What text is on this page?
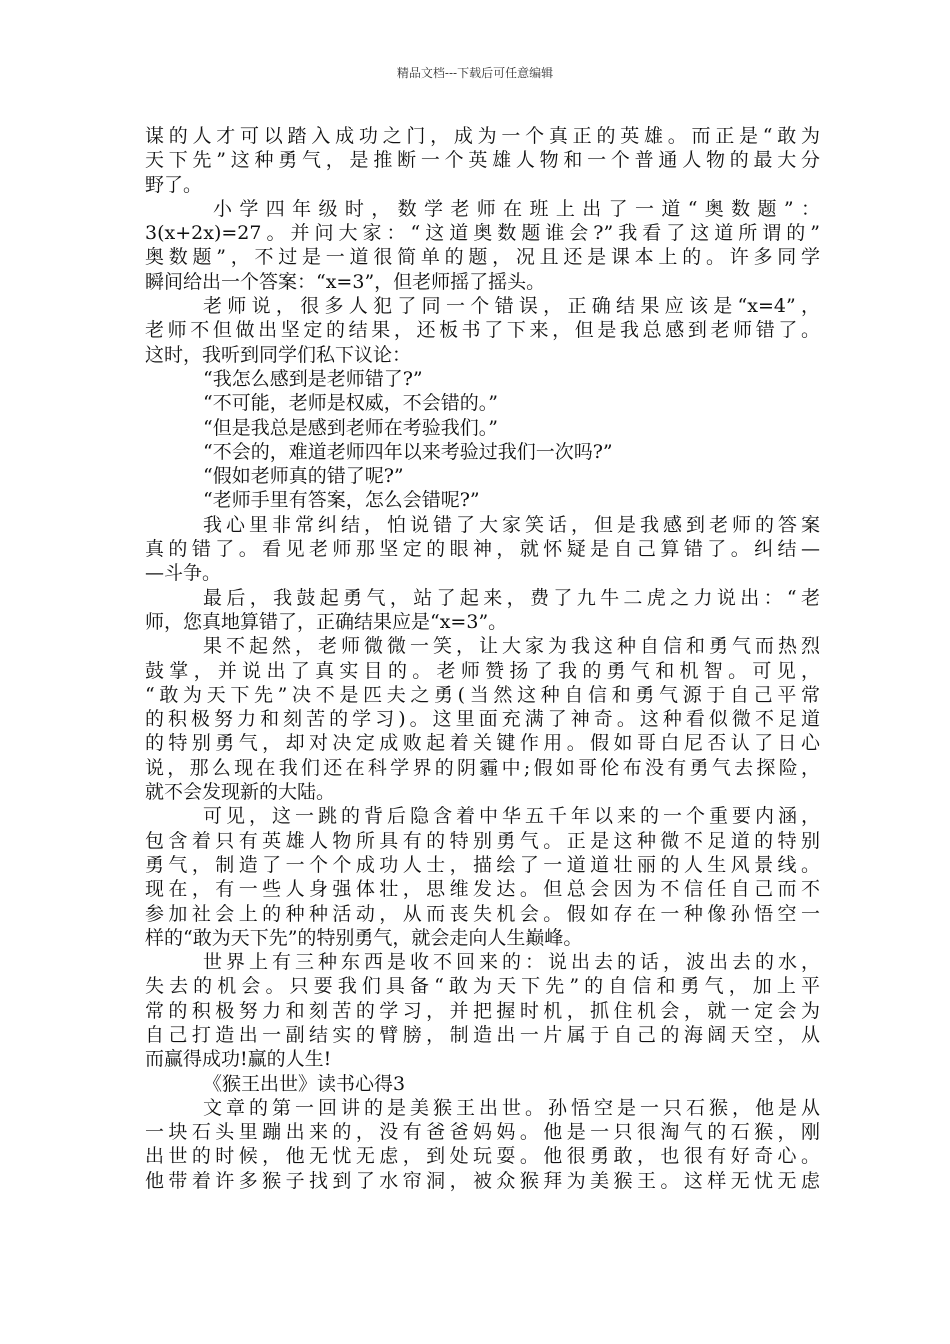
精品文档---下载后可任意编辑
谋的人才可以踏入成功之门，成为一个真正的英雄。而正是“敢为
天下先”这种勇气，是推断一个英雄人物和一个普通人物的最大分
野了。
小学四年级时，数学老师在班上出了一道“奥数题”：
3(x+2x)=27。并问大家：“这道奥数题谁会?”我看了这道所谓的”
奥数题”，不过是一道很简单的题，况且还是课本上的。许多同学
瞬间给出一个答案：“x=3”，但老师摇了摇头。
老师说，很多人犯了同一个错误，正确结果应该是“x=4”，
老师不但做出坚定的结果，还板书了下来，但是我总感到老师错了。
这时，我听到同学们私下议论：
“我怎么感到是老师错了?”
“不可能，老师是权威，不会错的。”
“但是我总是感到老师在考验我们。”
“不会的，难道老师四年以来考验过我们一次吗?”
“假如老师真的错了呢?”
“老师手里有答案，怎么会错呢?”
我心里非常纠结，怕说错了大家笑话，但是我感到老师的答案
真的错了。看见老师那坚定的眼神，就怀疑是自己算错了。纠结—
—斗争。
最后，我鼓起勇气，站了起来，费了九牛二虎之力说出：“老
师，您真地算错了，正确结果应是“x=3”。
果不起然，老师微微一笑，让大家为我这种自信和勇气而热烈
鼓掌，并说出了真实目的。老师赞扬了我的勇气和机智。可见，
“敢为天下先”决不是匹夫之勇(当然这种自信和勇气源于自己平常
的积极努力和刻苦的学习)。这里面充满了神奇。这种看似微不足道
的特别勇气，却对决定成败起着关键作用。假如哥白尼否认了日心
说，那么现在我们还在科学界的阴霾中;假如哥伦布没有勇气去探险，
就不会发现新的大陆。
可见，这一跳的背后隐含着中华五千年以来的一个重要内涵，
包含着只有英雄人物所具有的特别勇气。正是这种微不足道的特别
勇气，制造了一个个成功人士，描绘了一道道壮丽的人生风景线。
现在，有一些人身强体壮，思维发达。但总会因为不信任自己而不
参加社会上的种种活动，从而丧失机会。假如存在一种像孙悟空一
样的“敢为天下先”的特别勇气，就会走向人生巅峰。
世界上有三种东西是收不回来的：说出去的话，波出去的水，
失去的机会。只要我们具备“敢为天下先”的自信和勇气，加上平
常的积极努力和刻苦的学习，并把握时机，抓住机会，就一定会为
自己打造出一副结实的臂膀，制造出一片属于自己的海阔天空，从
而赢得成功!赢的人生!
《猴王出世》读书心得3
文章的第一回讲的是美猴王出世。孙悟空是一只石猴，他是从
一块石头里蹦出来的，没有爸爸妈妈。他是一只很淘气的石猴，刚
出世的时候，他无忧无虑，到处玩耍。他很勇敢，也很有好奇心。
他带着许多猴子找到了水帘洞，被众猴拜为美猴王。这样无忧无虑
